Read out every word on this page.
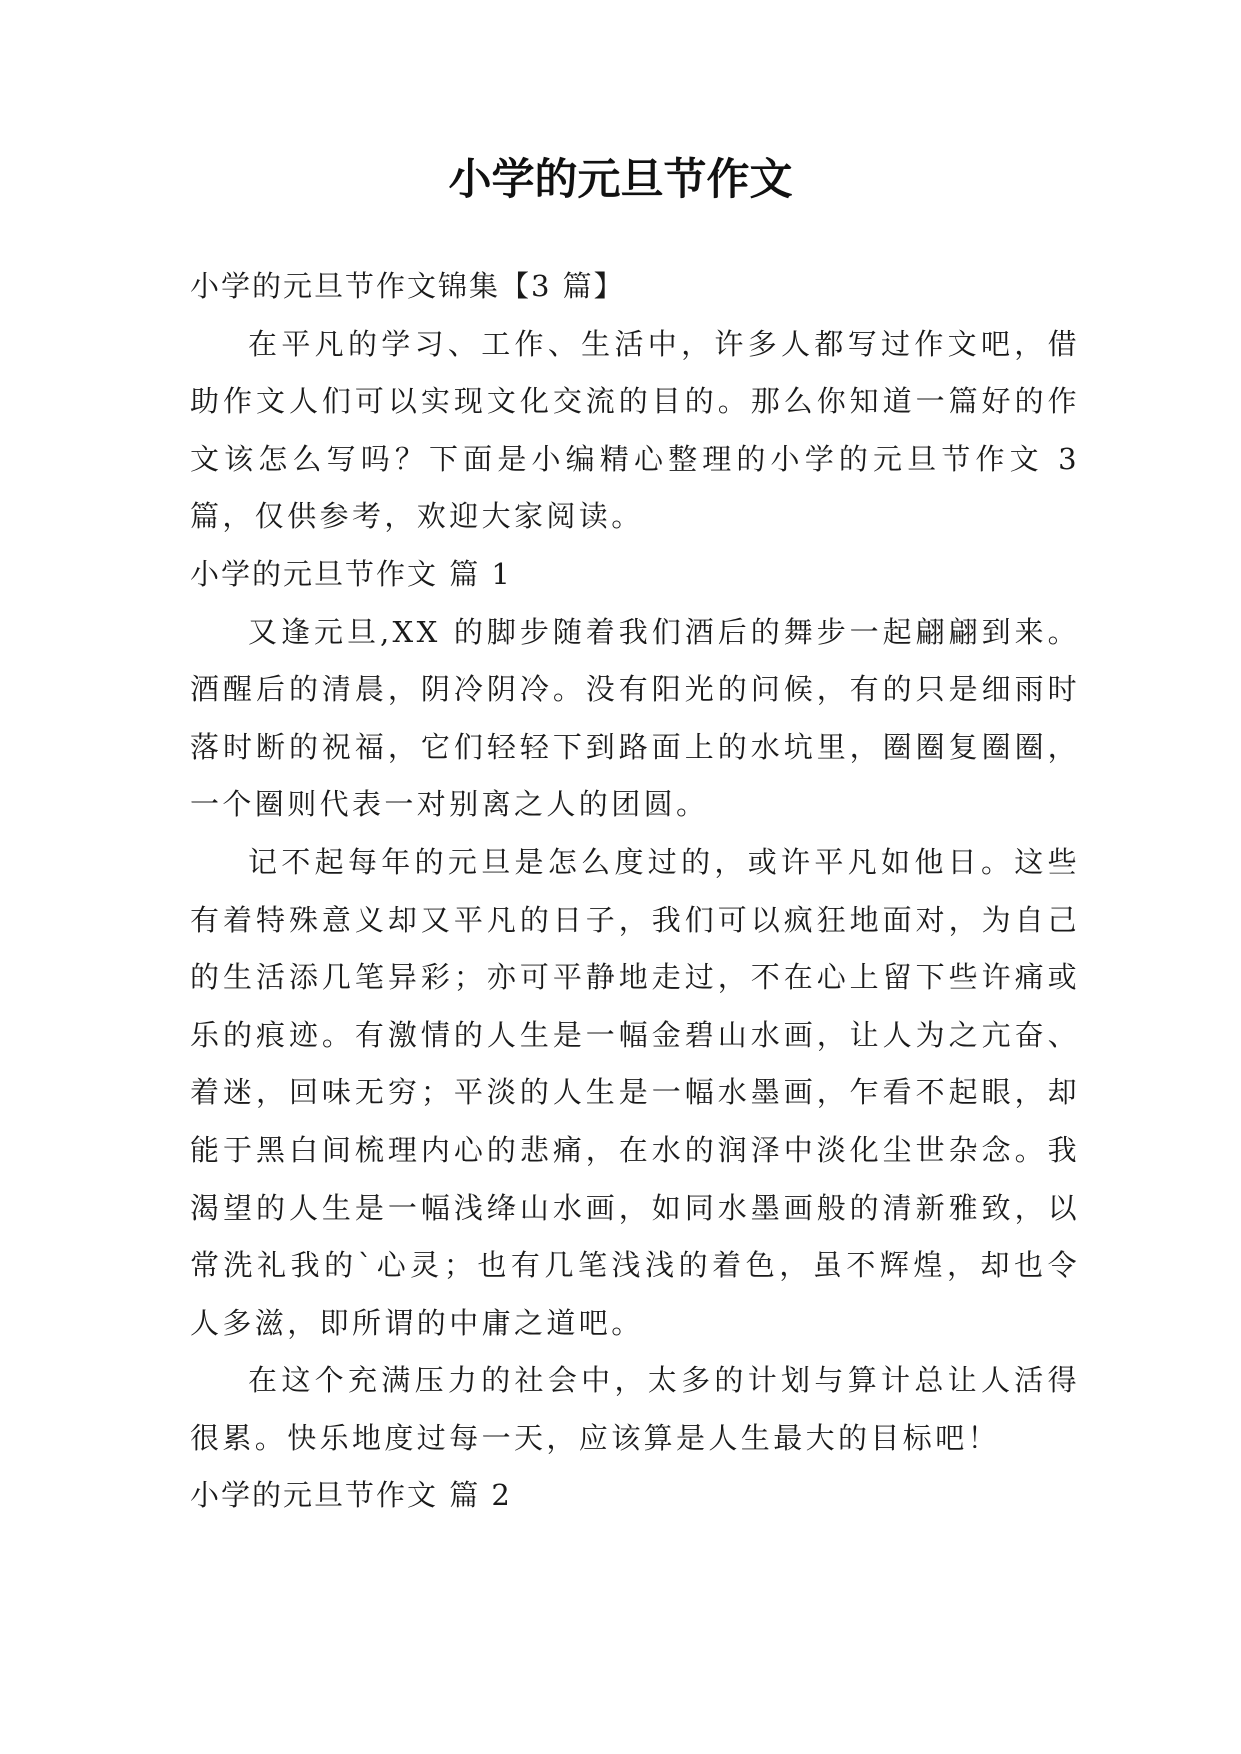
小学的元旦节作文

小学的元旦节作文锦集【3 篇】

在平凡的学习、工作、生活中，许多人都写过作文吧，借助作文人们可以实现文化交流的目的。那么你知道一篇好的作文该怎么写吗？下面是小编精心整理的小学的元旦节作文 3 篇，仅供参考，欢迎大家阅读。

小学的元旦节作文 篇 1

又逢元旦,XX 的脚步随着我们酒后的舞步一起翩翩到来。酒醒后的清晨，阴冷阴冷。没有阳光的问候，有的只是细雨时落时断的祝福，它们轻轻下到路面上的水坑里，圈圈复圈圈，一个圈则代表一对别离之人的团圆。

记不起每年的元旦是怎么度过的，或许平凡如他日。这些有着特殊意义却又平凡的日子，我们可以疯狂地面对，为自己的生活添几笔异彩；亦可平静地走过，不在心上留下些许痛或乐的痕迹。有激情的人生是一幅金碧山水画，让人为之亢奋、着迷，回味无穷；平淡的人生是一幅水墨画，乍看不起眼，却能于黑白间梳理内心的悲痛，在水的润泽中淡化尘世杂念。我渴望的人生是一幅浅绛山水画，如同水墨画般的清新雅致，以常洗礼我的`心灵；也有几笔浅浅的着色，虽不辉煌，却也令人多滋，即所谓的中庸之道吧。

在这个充满压力的社会中，太多的计划与算计总让人活得很累。快乐地度过每一天，应该算是人生最大的目标吧！

小学的元旦节作文 篇 2
